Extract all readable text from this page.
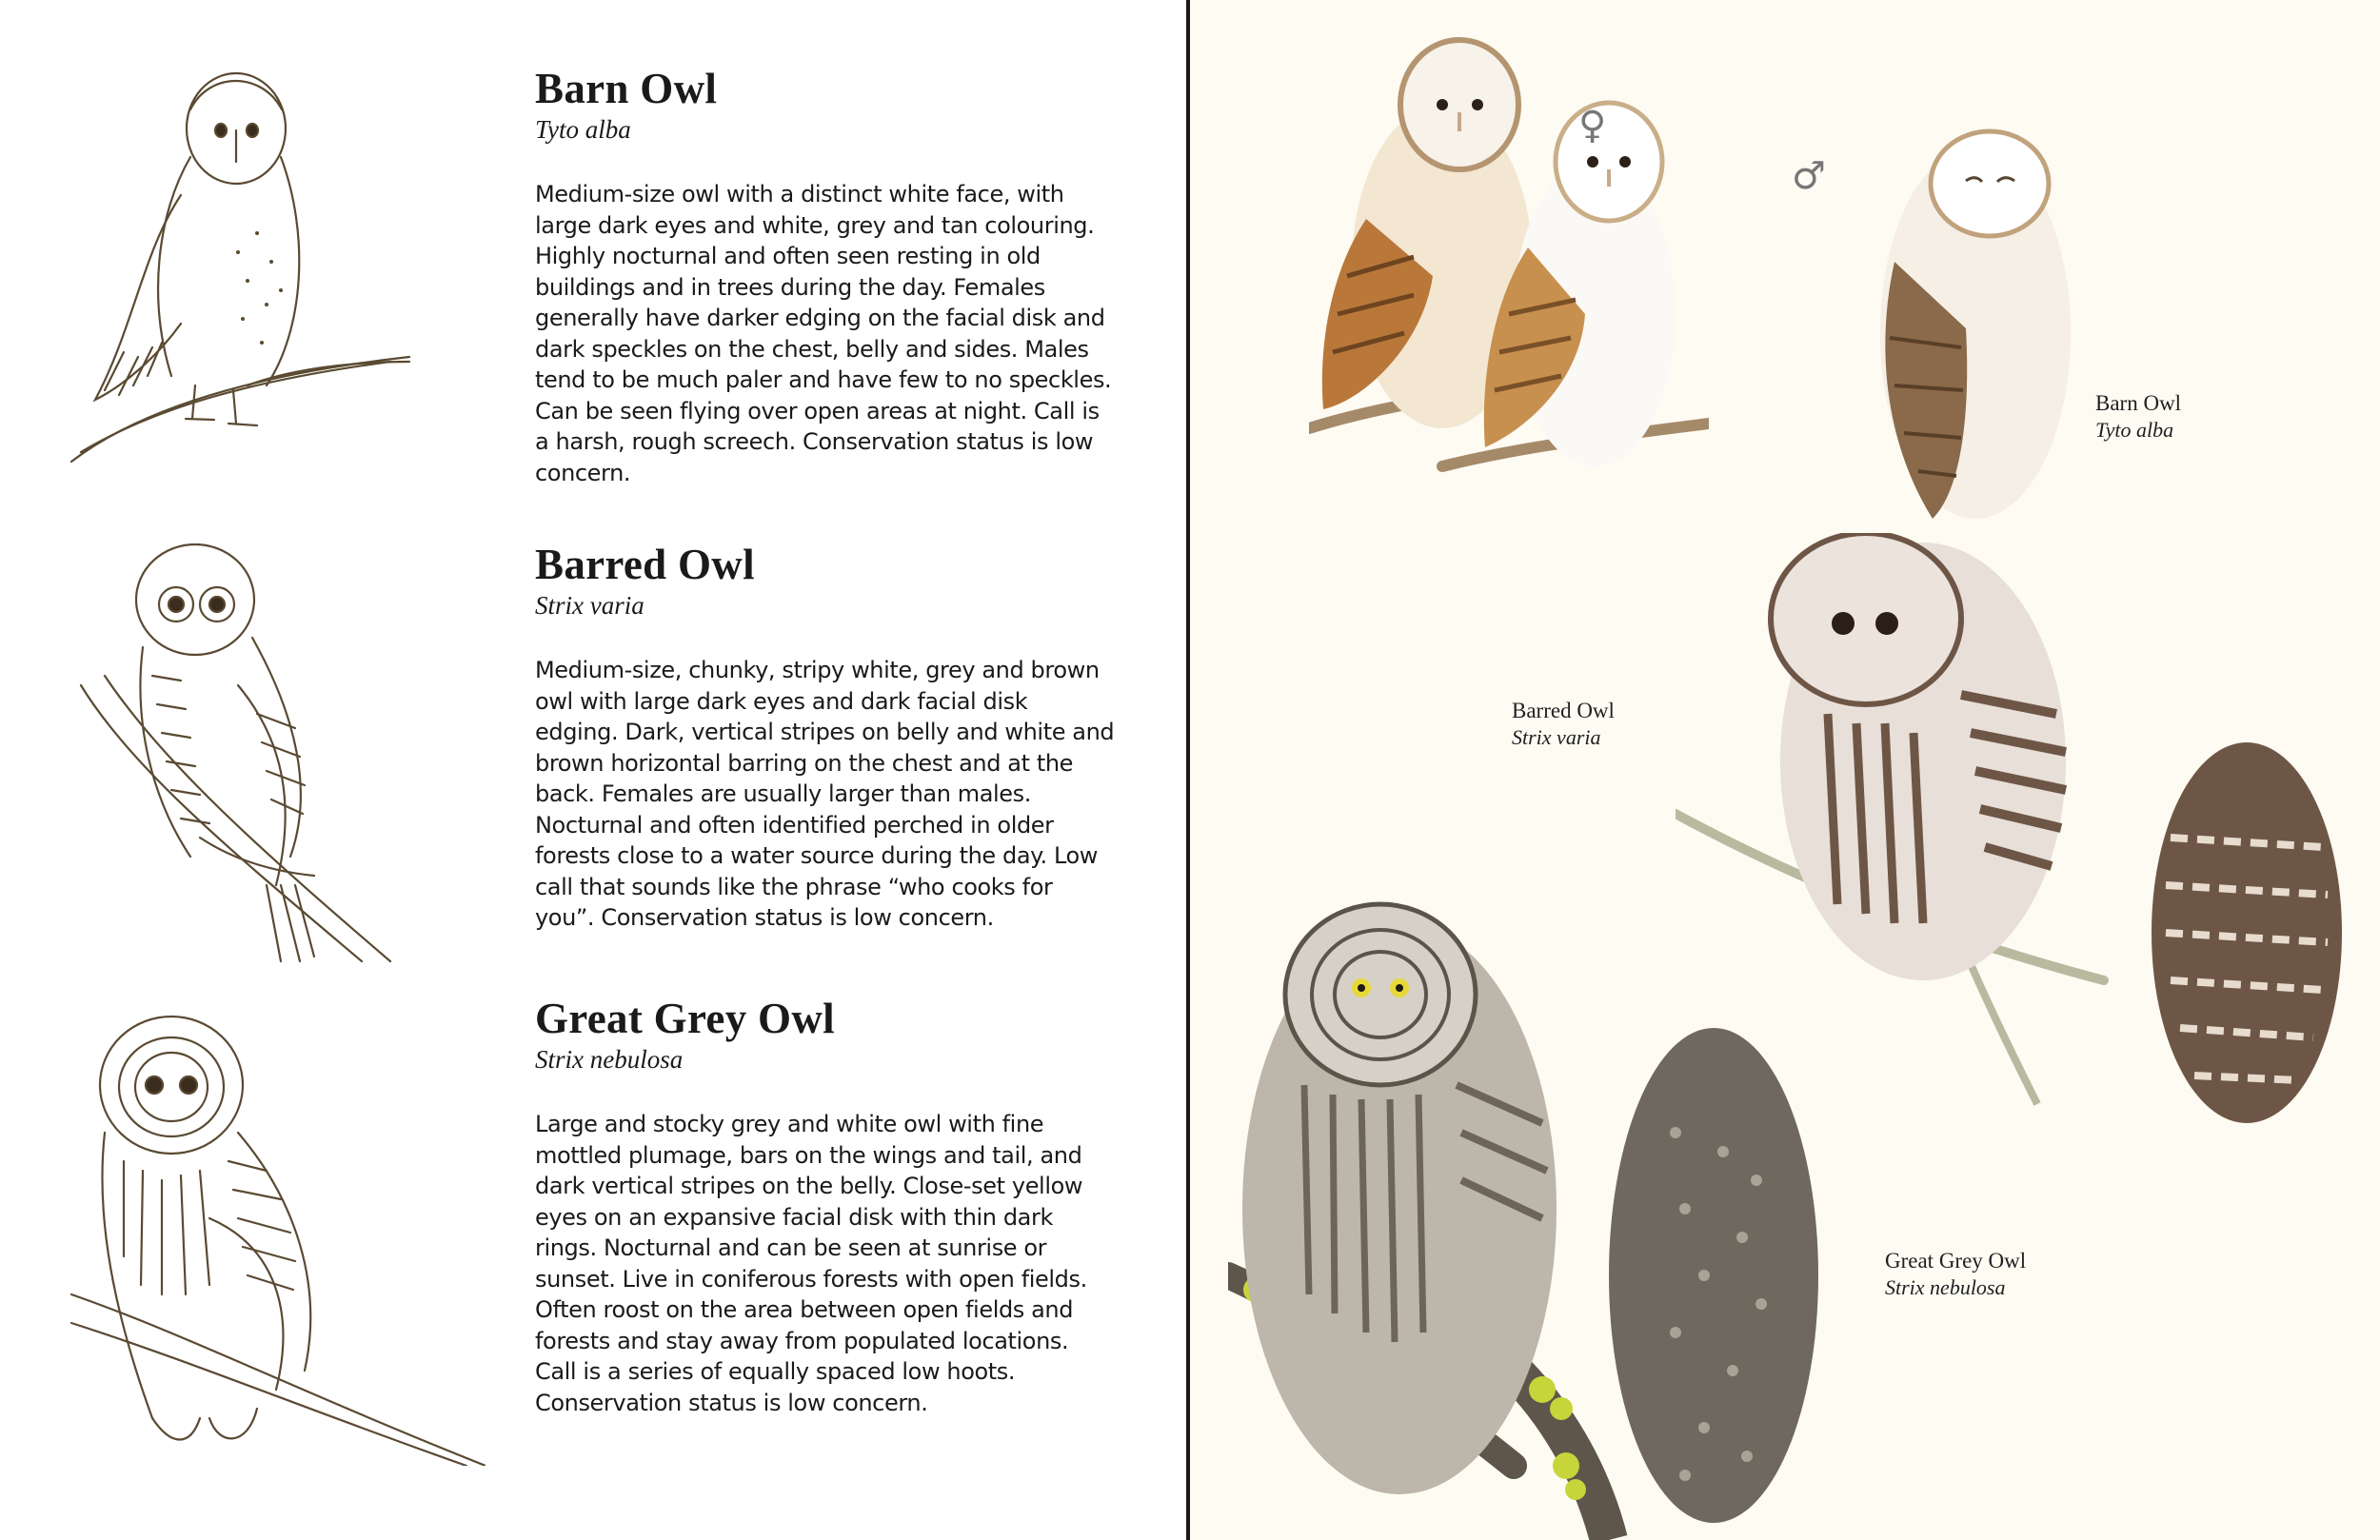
Barn Owl
Tyto alba

Medium-size owl with a distinct white face, with large dark eyes and white, grey and tan colouring. Highly nocturnal and often seen resting in old buildings and in trees during the day. Females generally have darker edging on the facial disk and dark speckles on the chest, belly and sides. Males tend to be much paler and have few to no speckles. Can be seen flying over open areas at night. Call is a harsh, rough screech. Conservation status is low concern.

Barred Owl
Strix varia

Medium-size, chunky, stripy white, grey and brown owl with large dark eyes and dark facial disk edging. Dark, vertical stripes on belly and white and brown horizontal barring on the chest and at the back. Females are usually larger than males. Nocturnal and often identified perched in older forests close to a water source during the day. Low call that sounds like the phrase “who cooks for you”. Conservation status is low concern.

Great Grey Owl
Strix nebulosa

Large and stocky grey and white owl with fine mottled plumage, bars on the wings and tail, and dark vertical stripes on the belly. Close-set yellow eyes on an expansive facial disk with thin dark rings. Nocturnal and can be seen at sunrise or sunset. Live in coniferous forests with open fields. Often roost on the area between open fields and forests and stay away from populated locations. Call is a series of equally spaced low hoots. Conservation status is low concern.

♀
♂
Barn Owl
Tyto alba
Barred Owl
Strix varia
Great Grey Owl
Strix nebulosa
